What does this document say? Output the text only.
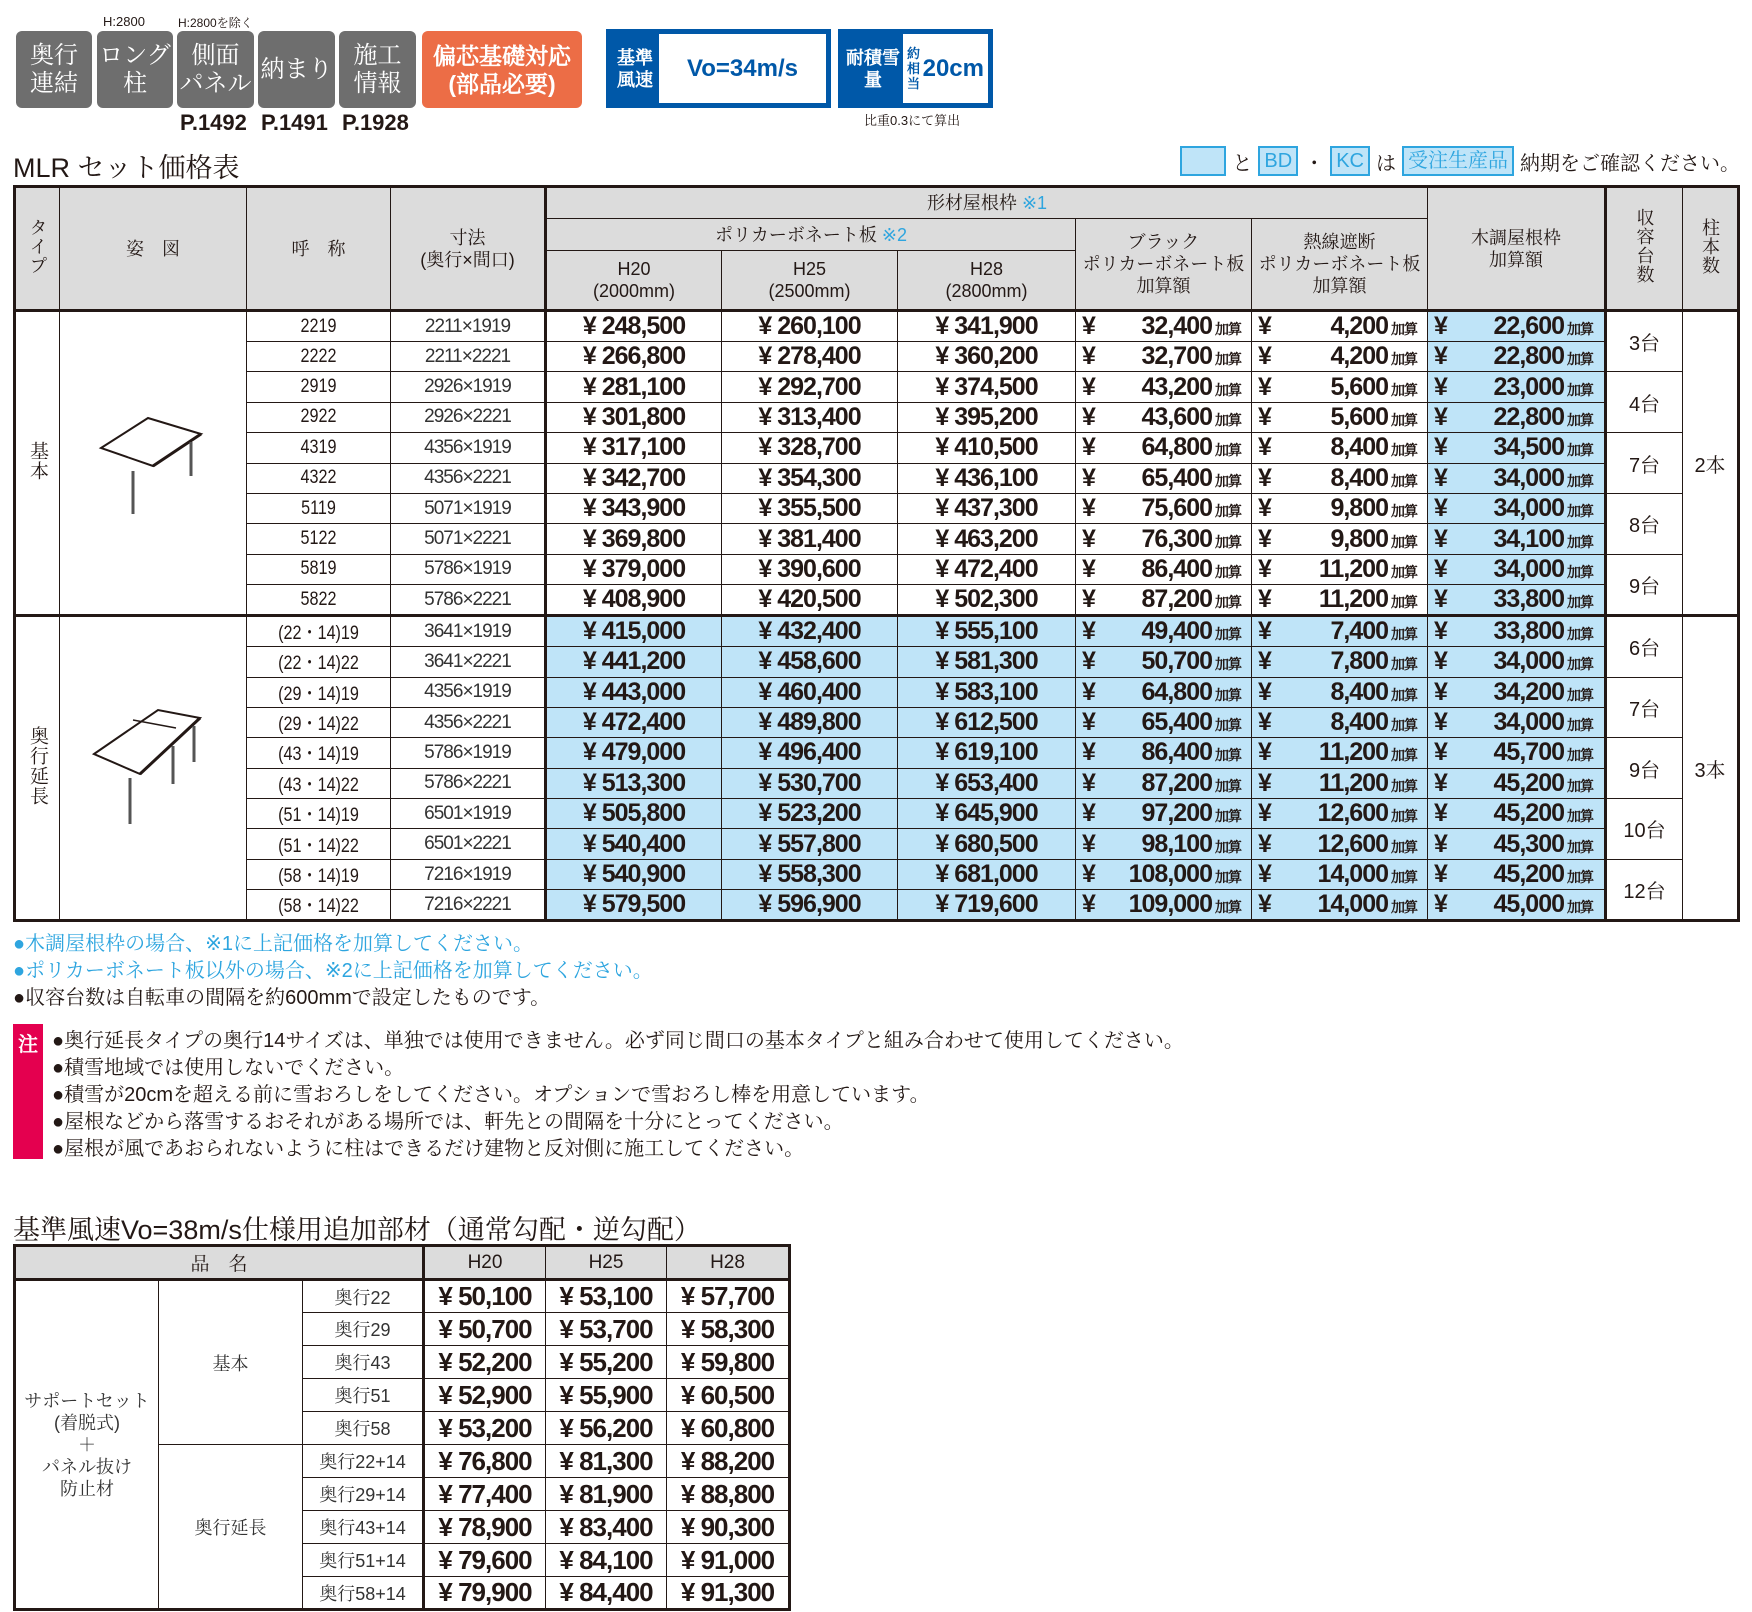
奥行
連結
ロング
柱
側面
パネル
納まり
施工
情報
偏芯基礎対応
(部品必要)
H:2800	H:2800を除く
P.1492 P.1491 P.1928
基準
風速	Vo=34m/s	耐積雪
量
約
相当
20cm
比重0.3にて算出
MLR セット価格表	と BD ・ KC は 受注生産品 納期をご確認ください。
タイプ	姿　図	呼　称	寸法
(奥行×間口)	形材屋根枠 ※1					木調屋根枠
加算額	収容台数	柱本数
				ポリカーボネート板 ※2			ブラック
ポリカーボネート板
加算額	熱線遮断
ポリカーボネート板
加算額			
				H20
(2000mm)	H25
(2500mm)	H28
(2800mm)					
基本		2219	2211×1919	¥ 248,500	¥ 260,100	¥ 341,900	¥ 32,400 加算	¥ 4,200 加算	¥ 22,600 加算	3台	2本

		2222	2211×2221	¥ 266,800	¥ 278,400	¥ 360,200	¥ 32,700 加算	¥ 4,200 加算	¥ 22,800 加算		

		2919	2926×1919	¥ 281,100	¥ 292,700	¥ 374,500	¥ 43,200 加算	¥ 5,600 加算	¥ 23,000 加算	4台	

		2922	2926×2221	¥ 301,800	¥ 313,400	¥ 395,200	¥ 43,600 加算	¥ 5,600 加算	¥ 22,800 加算		

		4319	4356×1919	¥ 317,100	¥ 328,700	¥ 410,500	¥ 64,800 加算	¥ 8,400 加算	¥ 34,500 加算	7台	

		4322	4356×2221	¥ 342,700	¥ 354,300	¥ 436,100	¥ 65,400 加算	¥ 8,400 加算	¥ 34,000 加算		

		5119	5071×1919	¥ 343,900	¥ 355,500	¥ 437,300	¥ 75,600 加算	¥ 9,800 加算	¥ 34,000 加算	8台	

		5122	5071×2221	¥ 369,800	¥ 381,400	¥ 463,200	¥ 76,300 加算	¥ 9,800 加算	¥ 34,100 加算		

		5819	5786×1919	¥ 379,000	¥ 390,600	¥ 472,400	¥ 86,400 加算	¥ 11,200 加算	¥ 34,000 加算	9台	

		5822	5786×2221	¥ 408,900	¥ 420,500	¥ 502,300	¥ 87,200 加算	¥ 11,200 加算	¥ 33,800 加算		
奥行延長		(22・14)19	3641×1919	¥ 415,000	¥ 432,400	¥ 555,100	¥ 49,400 加算	¥ 7,400 加算	¥ 33,800 加算	6台	3本

		(22・14)22	3641×2221	¥ 441,200	¥ 458,600	¥ 581,300	¥ 50,700 加算	¥ 7,800 加算	¥ 34,000 加算		

		(29・14)19	4356×1919	¥ 443,000	¥ 460,400	¥ 583,100	¥ 64,800 加算	¥ 8,400 加算	¥ 34,200 加算	7台	

		(29・14)22	4356×2221	¥ 472,400	¥ 489,800	¥ 612,500	¥ 65,400 加算	¥ 8,400 加算	¥ 34,000 加算		

		(43・14)19	5786×1919	¥ 479,000	¥ 496,400	¥ 619,100	¥ 86,400 加算	¥ 11,200 加算	¥ 45,700 加算	9台	

		(43・14)22	5786×2221	¥ 513,300	¥ 530,700	¥ 653,400	¥ 87,200 加算	¥ 11,200 加算	¥ 45,200 加算		

		(51・14)19	6501×1919	¥ 505,800	¥ 523,200	¥ 645,900	¥ 97,200 加算	¥ 12,600 加算	¥ 45,200 加算	10台	

		(51・14)22	6501×2221	¥ 540,400	¥ 557,800	¥ 680,500	¥ 98,100 加算	¥ 12,600 加算	¥ 45,300 加算		

		(58・14)19	7216×1919	¥ 540,900	¥ 558,300	¥ 681,000	¥ 108,000 加算	¥ 14,000 加算	¥ 45,200 加算	12台	

		(58・14)22	7216×2221	¥ 579,500	¥ 596,900	¥ 719,600	¥ 109,000 加算	¥ 14,000 加算	¥ 45,000 加算		
●木調屋根枠の場合、※1に上記価格を加算してください。
●ポリカーボネート板以外の場合、※2に上記価格を加算してください。
●収容台数は自転車の間隔を約600mmで設定したものです。
注 ●奥行延長タイプの奥行14サイズは、単独では使用できません。必ず同じ間口の基本タイプと組み合わせて使用してください。
●積雪地域では使用しないでください。
●積雪が20cmを超える前に雪おろしをしてください。オプションで雪おろし棒を用意しています。
●屋根などから落雪するおそれがある場所では、軒先との間隔を十分にとってください。
●屋根が風であおられないように柱はできるだけ建物と反対側に施工してください。
基準風速Vo=38m/s仕様用追加部材（通常勾配・逆勾配）
品　名			H20	H25	H28
サポートセット
(着脱式)
＋
パネル抜け
防止材	基本	奥行22	¥ 50,100	¥ 53,100	¥ 57,700
		奥行29	¥ 50,700	¥ 53,700	¥ 58,300
		奥行43	¥ 52,200	¥ 55,200	¥ 59,800
		奥行51	¥ 52,900	¥ 55,900	¥ 60,500
		奥行58	¥ 53,200	¥ 56,200	¥ 60,800
	奥行延長	奥行22+14	¥ 76,800	¥ 81,300	¥ 88,200
		奥行29+14	¥ 77,400	¥ 81,900	¥ 88,800
		奥行43+14	¥ 78,900	¥ 83,400	¥ 90,300
		奥行51+14	¥ 79,600	¥ 84,100	¥ 91,000
		奥行58+14	¥ 79,900	¥ 84,400	¥ 91,300
